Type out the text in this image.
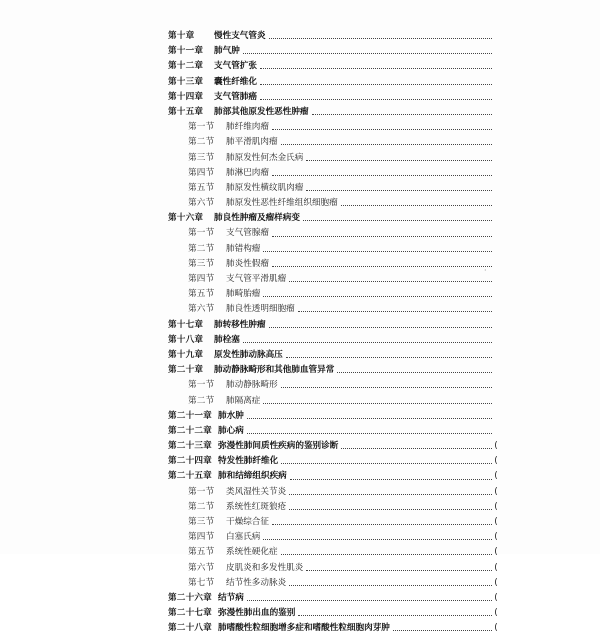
第十章	慢性支气管炎
第十一章	肺气肿
第十二章	支气管扩张
第十三章	囊性纤维化
第十四章	支气管肺癌
第十五章	肺部其他原发性恶性肿瘤
第一节	肺纤维肉瘤
第二节	肺平滑肌肉瘤
第三节	肺原发性何杰金氏病
第四节	肺淋巴肉瘤
第五节	肺原发性横纹肌肉瘤
第六节	肺原发性恶性纤维组织细胞瘤
第十六章	肺良性肿瘤及瘤样病变
第一节	支气管腺瘤
第二节	肺错构瘤
第三节	肺炎性假瘤
第四节	支气管平滑肌瘤
第五节	肺畸胎瘤
第六节	肺良性透明细胞瘤
第十七章	肺转移性肿瘤
第十八章	肺栓塞
第十九章	原发性肺动脉高压
第二十章	肺动静脉畸形和其他肺血管异常
第一节	肺动静脉畸形
第二节	肺隔离症
第二十一章 肺水肿
第二十二章 肺心病
第二十三章 弥漫性肺间质性疾病的鉴别诊断	(
第二十四章 特发性肺纤维化	(
第二十五章 肺和结缔组织疾病	(
第一节	类风湿性关节炎	(
第二节	系统性红斑狼疮	(
第三节	干燥综合征	(
第四节	白塞氏病	(
第五节	系统性硬化症	(
第六节	皮肌炎和多发性肌炎	(
第七节	结节性多动脉炎	(
第二十六章 结节病	(
第二十七章 弥漫性肺出血的鉴别	(
第二十八章 肺嗜酸性粒细胞增多症和嗜酸性粒细胞肉芽肿	(
·
